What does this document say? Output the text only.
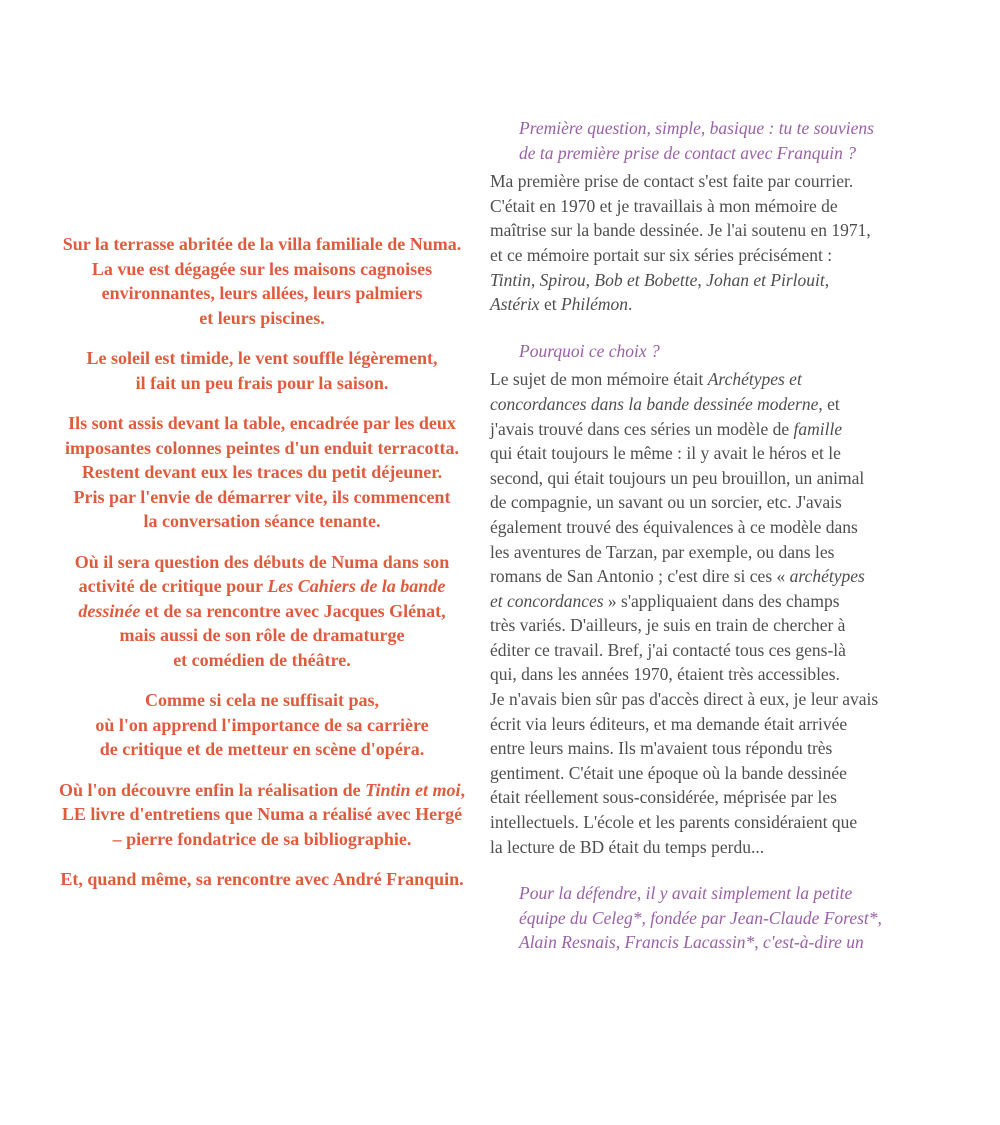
Sur la terrasse abritée de la villa familiale de Numa.
La vue est dégagée sur les maisons cagnoises
environnantes, leurs allées, leurs palmiers
et leurs piscines.

Le soleil est timide, le vent souffle légèrement,
il fait un peu frais pour la saison.

Ils sont assis devant la table, encadrée par les deux
imposantes colonnes peintes d'un enduit terracotta.
Restent devant eux les traces du petit déjeuner.
Pris par l'envie de démarrer vite, ils commencent
la conversation séance tenante.

Où il sera question des débuts de Numa dans son
activité de critique pour Les Cahiers de la bande
dessinée et de sa rencontre avec Jacques Glénat,
mais aussi de son rôle de dramaturge
et comédien de théâtre.

Comme si cela ne suffisait pas,
où l'on apprend l'importance de sa carrière
de critique et de metteur en scène d'opéra.

Où l'on découvre enfin la réalisation de Tintin et moi,
LE livre d'entretiens que Numa a réalisé avec Hergé
– pierre fondatrice de sa bibliographie.

Et, quand même, sa rencontre avec André Franquin.

Première question, simple, basique : tu te souviens
de ta première prise de contact avec Franquin ?

Ma première prise de contact s'est faite par courrier.
C'était en 1970 et je travaillais à mon mémoire de
maîtrise sur la bande dessinée. Je l'ai soutenu en 1971,
et ce mémoire portait sur six séries précisément :
Tintin, Spirou, Bob et Bobette, Johan et Pirlouit,
Astérix et Philémon.

Pourquoi ce choix ?

Le sujet de mon mémoire était Archétypes et
concordances dans la bande dessinée moderne, et
j'avais trouvé dans ces séries un modèle de famille
qui était toujours le même : il y avait le héros et le
second, qui était toujours un peu brouillon, un animal
de compagnie, un savant ou un sorcier, etc. J'avais
également trouvé des équivalences à ce modèle dans
les aventures de Tarzan, par exemple, ou dans les
romans de San Antonio ; c'est dire si ces « archétypes
et concordances » s'appliquaient dans des champs
très variés. D'ailleurs, je suis en train de chercher à
éditer ce travail. Bref, j'ai contacté tous ces gens-là
qui, dans les années 1970, étaient très accessibles.
Je n'avais bien sûr pas d'accès direct à eux, je leur avais
écrit via leurs éditeurs, et ma demande était arrivée
entre leurs mains. Ils m'avaient tous répondu très
gentiment. C'était une époque où la bande dessinée
était réellement sous-considérée, méprisée par les
intellectuels. L'école et les parents considéraient que
la lecture de BD était du temps perdu...

Pour la défendre, il y avait simplement la petite
équipe du Celeg*, fondée par Jean-Claude Forest*,
Alain Resnais, Francis Lacassin*, c'est-à-dire un
